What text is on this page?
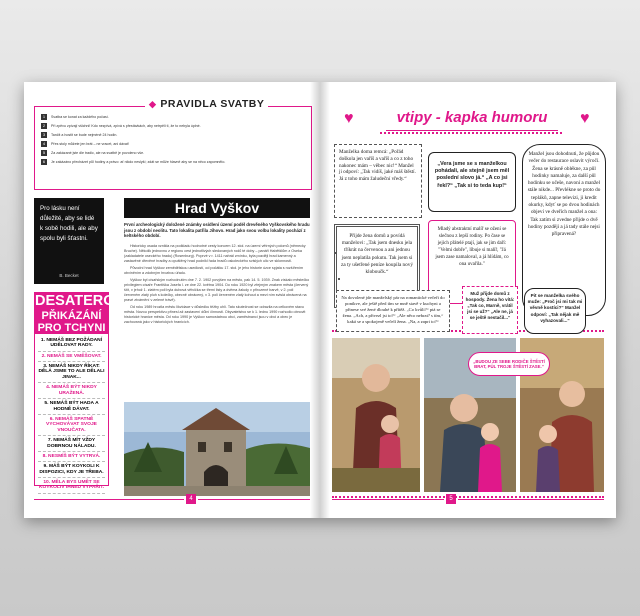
◆ PRAVIDLA SVATBY
1 Svatba se konat za každého počasí.
2 Při zpěvu zpívají všichni! Kdo nezpívá, zpívá s přestávkách, aby netrpěli ti, že to nebyla úplné.
3 Tančit a hostit se bude nejméně 24 hodin.
4 Přes stoly můžete jen brát – ne vracet, ani dávat!
5 Za zakázané jste dle tradic, ale na svatbě je povoleno vše.
6 Je zakázáno přecházet půl hodiny a právo: ať nikdo neslyší; zdát se může hlavně aby se na něco zapomnělo.

Pro lásku není důležité, aby se lidé k sobě hodili, ale aby spolu byli šťastni.

B. Becket
DESATERO
PŘIKÁZÁNÍ
PRO TCHYNI
1. NEMÁŠ BEZ POŽÁDANÍ UDĚLOVAT RADY.
2. NEMÁŠ SE VMĚŠOVAT.
3. NEMÁŠ NIKDY ŘÍKAT: DĚLÁ JSME TO ALE DĚLALI JINAK...
4. NEMÁŠ BÝT NIKDY URAŽENÁ.
5. NEMÁŠ BÝT HADA A HODNĚ DÁVAT.
6. NEMÁŠ SPATNĚ VYCHOVÁVAT SVOJE VNOUČATA.
7. NEMÁŠ MÍT VŽDY DOBRNOU NÁLADU.
8. NESMÍŠ BÝT VYTRVÁ.
9. MÁŠ BÝT KOYKOLI K DISPOZICI, KDY JE TŘEBA.
10. MĚLA BYS UMĚT SE KOYKOLIV IHNED VYPAŘIT.
Hrad Vyškov
První archeologický doložené známky osídlení území podél drevěného Vyškovského hradu jsou z období neolitu. Tato lokalita patřila Jihovo. Hrad jako svou volbu lokality pochází z keltského období.

Historicky osada vznikla na podkladu hodnotné cesty koncem 12. stol. na území větrných polomů (německy Bruche). Několik jednovnu z regionu cest jednotlivých sledovaných rodů té doby – panáři Habětičům z Oseka (zakladatele oseckého hradu) (Rosenburg). Poprvé v r. 1411 nahrál zmínku, byla později hrad kamenný a zastavěné dřevěné hradby a opuštěný hrad podnikl řada hradů oskoleckého svislých ulic ve sklonnosti.

Původní hrad Vyškov zemědělskou usedlostí, od počátku 17. stol. je jeho historie úzce spjata s rozšířením obviněním a zdobným hrozbou úřadu.

Vyškov byl císařským rozhodnutím dne 7. 2. 1902 povýšen na město, pak 14. 5. 1939. Znak získalo městečko privilegiem císaře Františka Josefa I. ze dne 22. května 1904. Do roku 1920 byl zřejmým znakem města (červený štít, v jehož 1. zlatém poli byla dubová větvička se třemi listy a dvěma žaludy v přirozené barvě, v 2. poli červeném zlatý pluh s kolečky, obecně obrácený, v 3. poli červeném zlatý kohout a mezi ním svislá obrácená na pravé ztvárnění v zelené trávě).

Od roku 1989 hrozila městu likvidace v důsledku těžby uhlí. Tato skutečnost se odrazila na celkovém stavu města. Novou perspektivu přinesl až zastavení důlní činnosti. Obyvatelstvo se k 1. lednu 1990 rozhodlo obnovit historické hranice města. Od roku 1990 je Vyškov samostatnou obcí, zaměstnanci jsou v obci a obec je zachovaná jako v historických hranicích.

4
♥	vtipy - kapka humoru	♥

Manželka doma remcá: „Pořád doškola jen vaříš a vaříš a co z toho nakonec mám – věbec nic!“ Manžel ji odpoví: „Tak vidíš, jaké máš štěstí. Já z toho mám žaludeční vředy.“

„Vera jsme se s manželkou pohádali, ale stejně jsem měl poslední slovo já.“ „A co jsi řekl?“ „Tak si to teda kup!“

Manžel jsou dohodnuti, že půjdou večer do restaurace oslavit výročí. Žena se krásně oblékne, za půl hodinky namaluje, za další půl hodinku se učeše, navoní a manžel stále nikde... Převlékne se proto do tepláků, zapne televizi, ji kredit okurky, kdyť se po dvou hodinách objeví ve dveřích manžel a ona: Tak zatím si zvedne přijde o dvě hodiny později a já tady stále nejsi připravená?

Přijde žena domů a povídá manželovi: „Tak jsem dnesku jela tříkrát na červenou a ani jednou jsem neplatila pokutu. Tak jsem si za ty ušetřené peníze koupila nový kloboučk.“

Mladý abstraktní malíř se ožení se slečnou z lepší rodiny. Po čase se jejich přátelé ptají, jak se jim daří: "Velmi dobře", líbuje si malíř, "Já jsem zase namaloval, a já hlídám, co ona uvařila."

„BUDOU ZE SEBE RODIČE ŠTĚSTÍ BRAT, PŮL TROJE ŠTĚSTÍ ZASE.“
5

Na dovolené jde manželský pár na romantické večeři do ponikve, ale ještě před tím se mně stavě v kuchyni a přinese své žené dlouhé k přítěž. „Co kvůli?“ ptá se žena. „Ach, a přivezl jsi to?“ „Ale něco nebrat? s tím,“ kaká se a spokojeně večelí žena. „Na, a zapri to?“

Muž přijde domů z hospody. Žena ho vítá: „Tak co, Marně, vrátil jsi se už?“ „Ale ne, já se ještě nestačil...“

Pit se manželka svého muže: „Proč jsi mi tak mi věvně kostíci?“ Manžel odpoví: „Tak nějak mě vyhazovali...“
